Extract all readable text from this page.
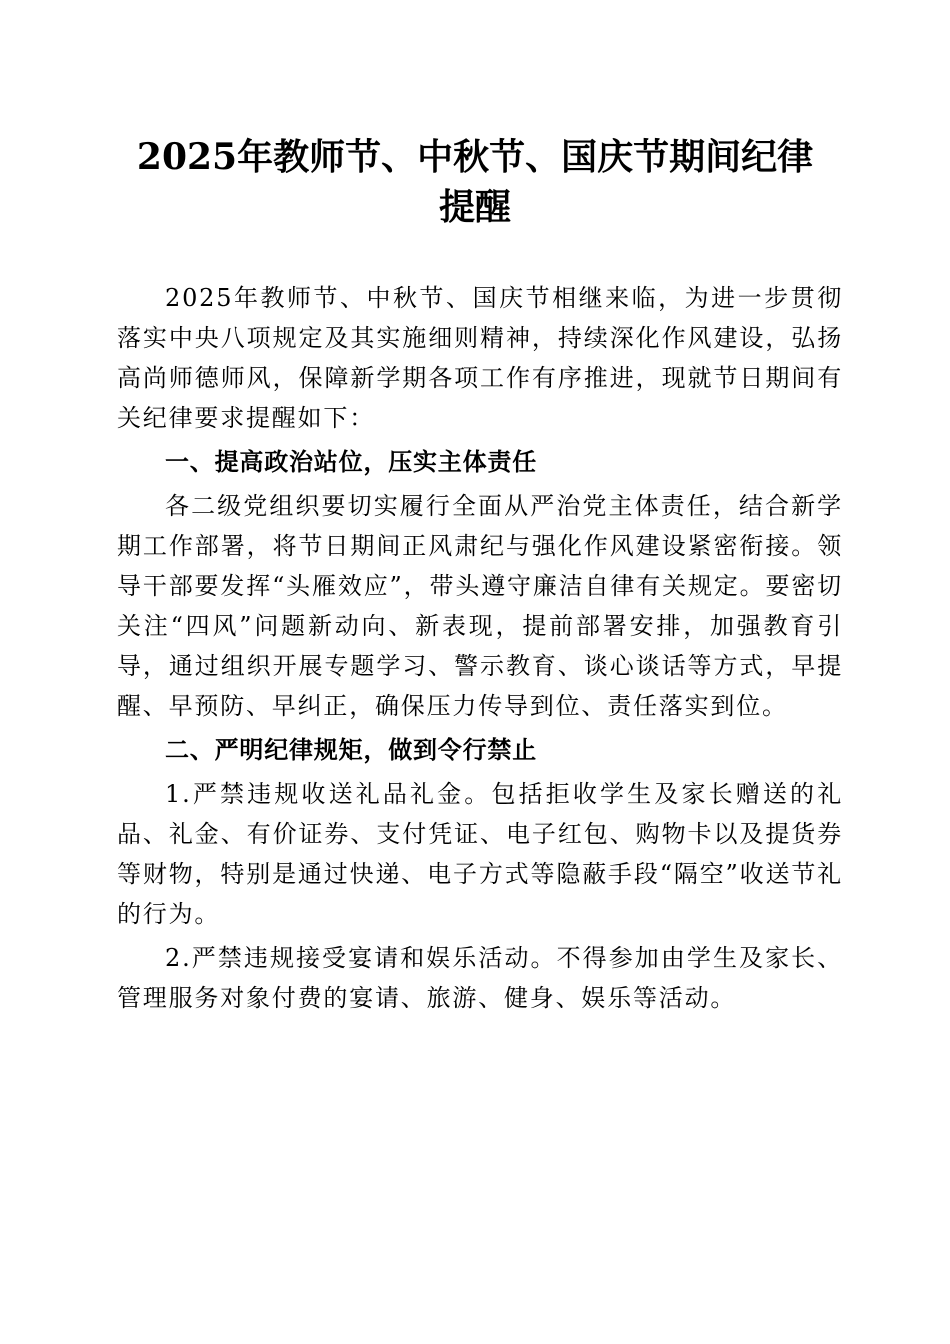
2025年教师节、中秋节、国庆节期间纪律提醒

2025年教师节、中秋节、国庆节相继来临，为进一步贯彻落实中央八项规定及其实施细则精神，持续深化作风建设，弘扬高尚师德师风，保障新学期各项工作有序推进，现就节日期间有关纪律要求提醒如下：

一、提高政治站位，压实主体责任

各二级党组织要切实履行全面从严治党主体责任，结合新学期工作部署，将节日期间正风肃纪与强化作风建设紧密衔接。领导干部要发挥“头雁效应”，带头遵守廉洁自律有关规定。要密切关注“四风”问题新动向、新表现，提前部署安排，加强教育引导，通过组织开展专题学习、警示教育、谈心谈话等方式，早提醒、早预防、早纠正，确保压力传导到位、责任落实到位。

二、严明纪律规矩，做到令行禁止

1.严禁违规收送礼品礼金。包括拒收学生及家长赠送的礼品、礼金、有价证券、支付凭证、电子红包、购物卡以及提货券等财物，特别是通过快递、电子方式等隐蔽手段“隔空”收送节礼的行为。

2.严禁违规接受宴请和娱乐活动。不得参加由学生及家长、管理服务对象付费的宴请、旅游、健身、娱乐等活动。
